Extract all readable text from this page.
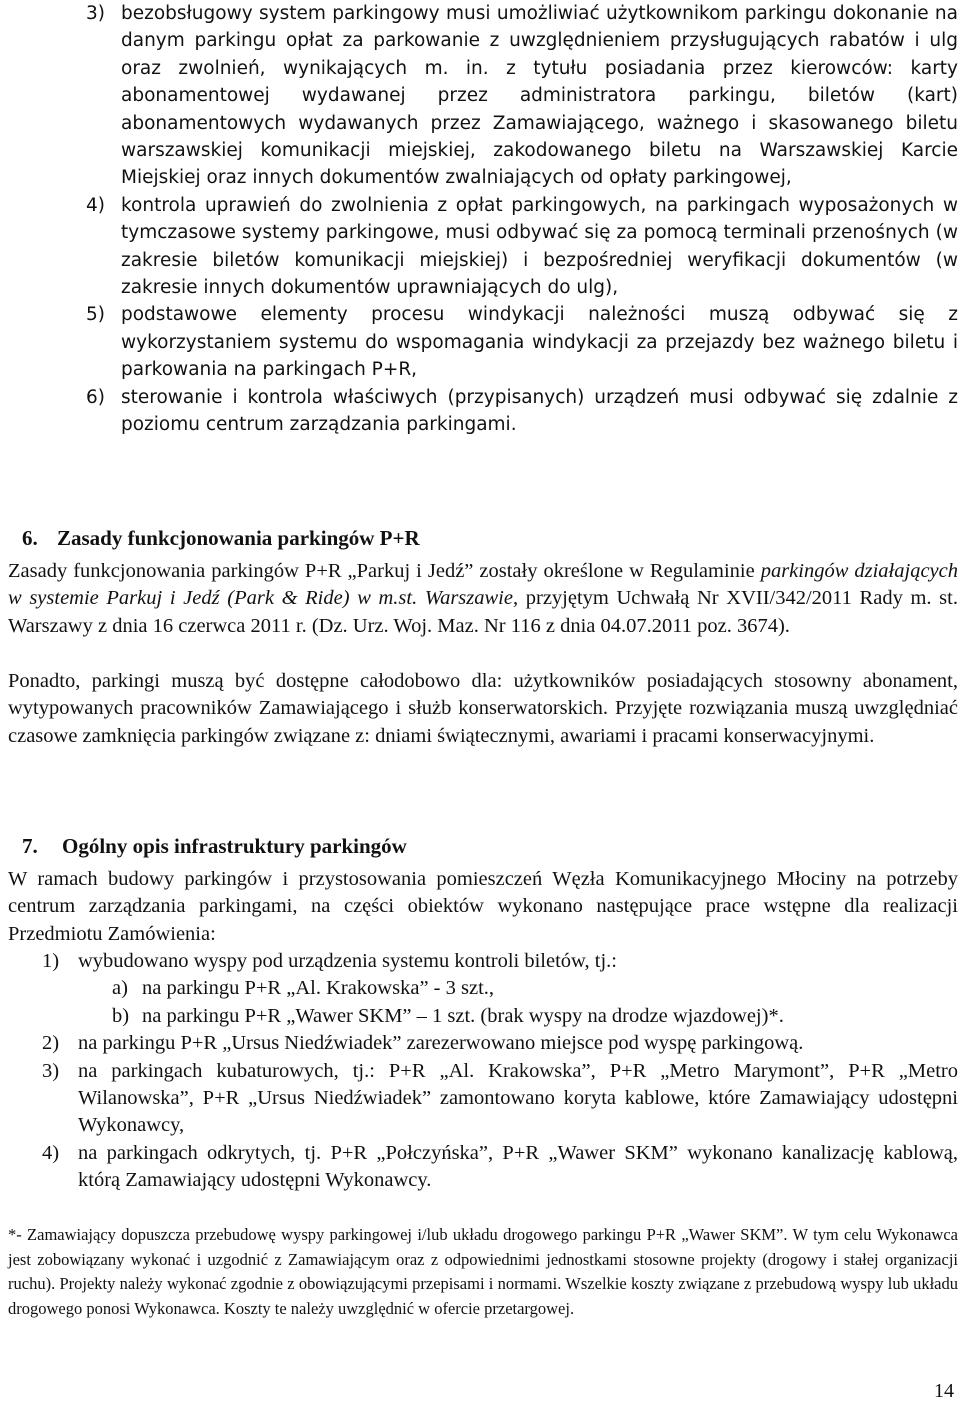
3) bezobsługowy system parkingowy musi umożliwiać użytkownikom parkingu dokonanie na danym parkingu opłat za parkowanie z uwzględnieniem przysługujących rabatów i ulg oraz zwolnień, wynikających m. in. z tytułu posiadania przez kierowców: karty abonamentowej wydawanej przez administratora parkingu, biletów (kart) abonamentowych wydawanych przez Zamawiającego, ważnego i skasowanego biletu warszawskiej komunikacji miejskiej, zakodowanego biletu na Warszawskiej Karcie Miejskiej oraz innych dokumentów zwalniających od opłaty parkingowej,
4) kontrola uprawień do zwolnienia z opłat parkingowych, na parkingach wyposażonych w tymczasowe systemy parkingowe, musi odbywać się za pomocą terminali przenośnych (w zakresie biletów komunikacji miejskiej) i bezpośredniej weryfikacji dokumentów (w zakresie innych dokumentów uprawniających do ulg),
5) podstawowe elementy procesu windykacji należności muszą odbywać się z wykorzystaniem systemu do wspomagania windykacji za przejazdy bez ważnego biletu i parkowania na parkingach P+R,
6) sterowanie i kontrola właściwych (przypisanych) urządzeń musi odbywać się zdalnie z poziomu centrum zarządzania parkingami.
6. Zasady funkcjonowania parkingów P+R

Zasady funkcjonowania parkingów P+R „Parkuj i Jedź” zostały określone w Regulaminie parkingów działających w systemie Parkuj i Jedź (Park & Ride) w m.st. Warszawie, przyjętym Uchwałą Nr XVII/342/2011 Rady m. st. Warszawy z dnia 16 czerwca 2011 r. (Dz. Urz. Woj. Maz. Nr 116 z dnia 04.07.2011 poz. 3674).

Ponadto, parkingi muszą być dostępne całodobowo dla: użytkowników posiadających stosowny abonament, wytypowanych pracowników Zamawiającego i służb konserwatorskich. Przyjęte rozwiązania muszą uwzględniać czasowe zamknięcia parkingów związane z: dniami świątecznymi, awariami i pracami konserwacyjnymi.

7. Ogólny opis infrastruktury parkingów

W ramach budowy parkingów i przystosowania pomieszczeń Węzła Komunikacyjnego Młociny na potrzeby centrum zarządzania parkingami, na części obiektów wykonano następujące prace wstępne dla realizacji Przedmiotu Zamówienia:

1) wybudowano wyspy pod urządzenia systemu kontroli biletów, tj.:
a) na parkingu P+R „Al. Krakowska” - 3 szt.,
b) na parkingu P+R „Wawer SKM” – 1 szt. (brak wyspy na drodze wjazdowej)*.
2) na parkingu P+R „Ursus Niedźwiadek” zarezerwowano miejsce pod wyspę parkingową.
3) na parkingach kubaturowych, tj.: P+R „Al. Krakowska”, P+R „Metro Marymont”, P+R „Metro Wilanowska”, P+R „Ursus Niedźwiadek” zamontowano koryta kablowe, które Zamawiający udostępni Wykonawcy,
4) na parkingach odkrytych, tj. P+R „Połczyńska”, P+R „Wawer SKM” wykonano kanalizację kablową, którą Zamawiający udostępni Wykonawcy.

*- Zamawiający dopuszcza przebudowę wyspy parkingowej i/lub układu drogowego parkingu P+R „Wawer SKM”. W tym celu Wykonawca jest zobowiązany wykonać i uzgodnić z Zamawiającym oraz z odpowiednimi jednostkami stosowne projekty (drogowy i stałej organizacji ruchu). Projekty należy wykonać zgodnie z obowiązującymi przepisami i normami. Wszelkie koszty związane z przebudową wyspy lub układu drogowego ponosi Wykonawca. Koszty te należy uwzględnić w ofercie przetargowej.

14
